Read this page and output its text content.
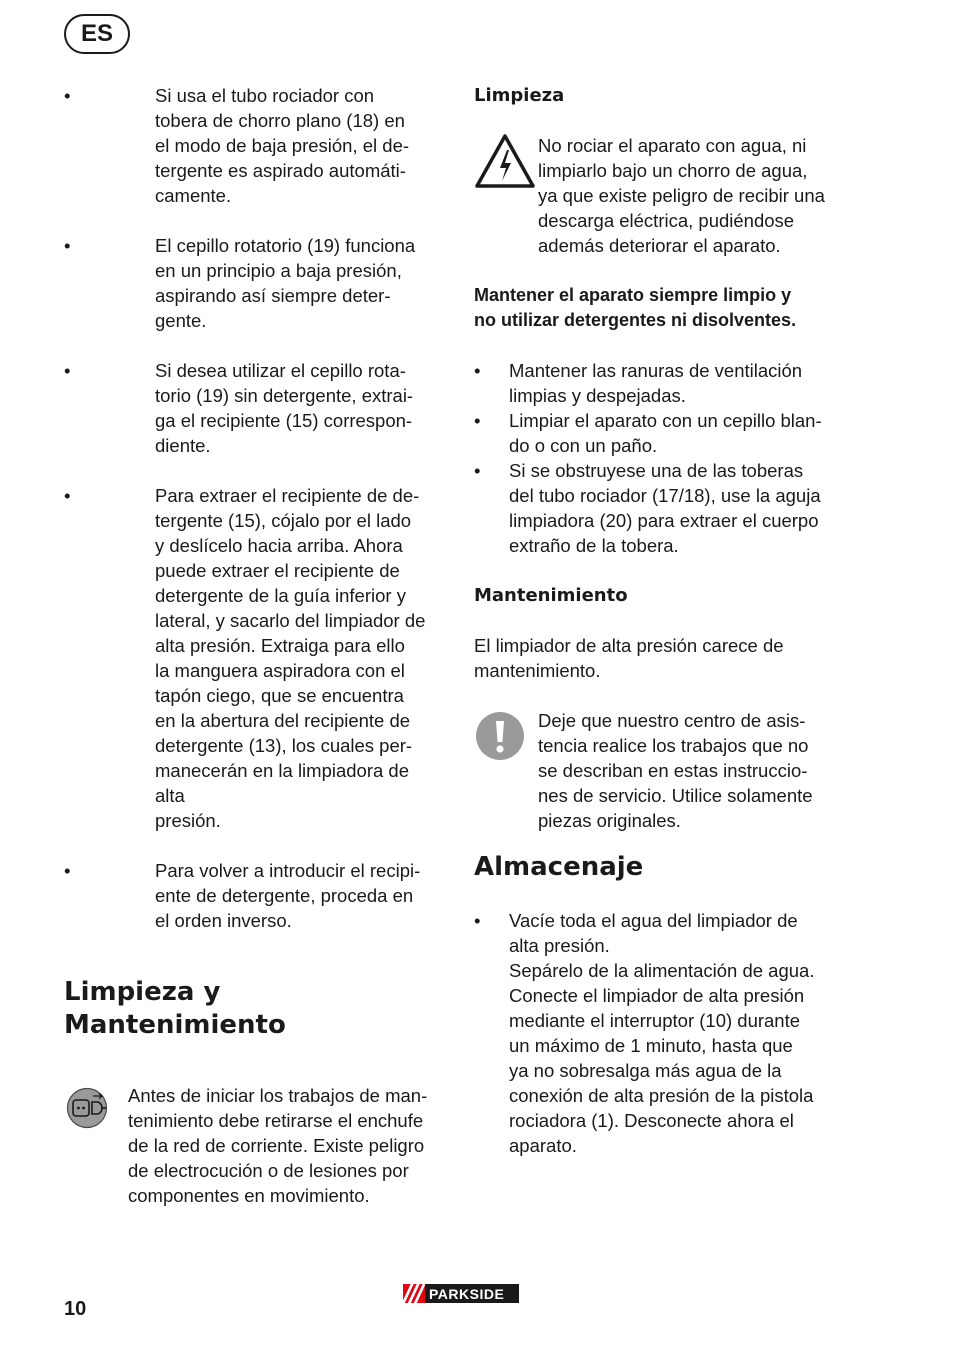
ES
•	Si usa el tubo rociador con
tobera de chorro plano (18) en
el modo de baja presión, el de-
tergente es aspirado automáti-
camente.
•	El cepillo rotatorio (19) funciona
en un principio a baja presión,
aspirando así siempre deter-
gente.
•	Si desea utilizar el cepillo rota-
torio (19) sin detergente, extrai-
ga el recipiente (15) correspon-
diente.
•	Para extraer el recipiente de de-
tergente (15), cójalo por el lado
y deslícelo hacia arriba. Ahora
puede extraer el recipiente de
detergente de la guía inferior y
lateral, y sacarlo del limpiador de
alta presión. Extraiga para ello
la manguera aspiradora con el
tapón ciego, que se encuentra
en la abertura del recipiente de
detergente (13), los cuales per-
manecerán en la limpiadora de
alta
presión.
•	Para volver a introducir el recipi-
ente de detergente, proceda en
el orden inverso.
Limpieza y
Mantenimiento
Antes de iniciar los trabajos de man-
tenimiento debe retirarse el enchufe
de la red de corriente. Existe peligro
de electrocución o de lesiones por
componentes en movimiento.
Limpieza
No rociar el aparato con agua, ni
limpiarlo bajo un chorro de agua,
ya que existe peligro de recibir una
descarga eléctrica, pudiéndose
además deteriorar el aparato.
Mantener el aparato siempre limpio y
no utilizar detergentes ni disolventes.
• Mantener las ranuras de ventilación
limpias y despejadas.
• Limpiar el aparato con un cepillo blan-
do o con un paño.
• Si se obstruyese una de las toberas
del tubo rociador (17/18), use la aguja
limpiadora (20) para extraer el cuerpo
extraño de la tobera.
Mantenimiento
El limpiador de alta presión carece de
mantenimiento.
Deje que nuestro centro de asis-
tencia realice los trabajos que no
se describan en estas instruccio-
nes de servicio. Utilice solamente
piezas originales.
Almacenaje
• Vacíe toda el agua del limpiador de
alta presión.
Sepárelo de la alimentación de agua.
Conecte el limpiador de alta presión
mediante el interruptor (10) durante
un máximo de 1 minuto, hasta que
ya no sobresalga más agua de la
conexión de alta presión de la pistola
rociadora (1). Desconecte ahora el
aparato.
10
PARKSIDE
